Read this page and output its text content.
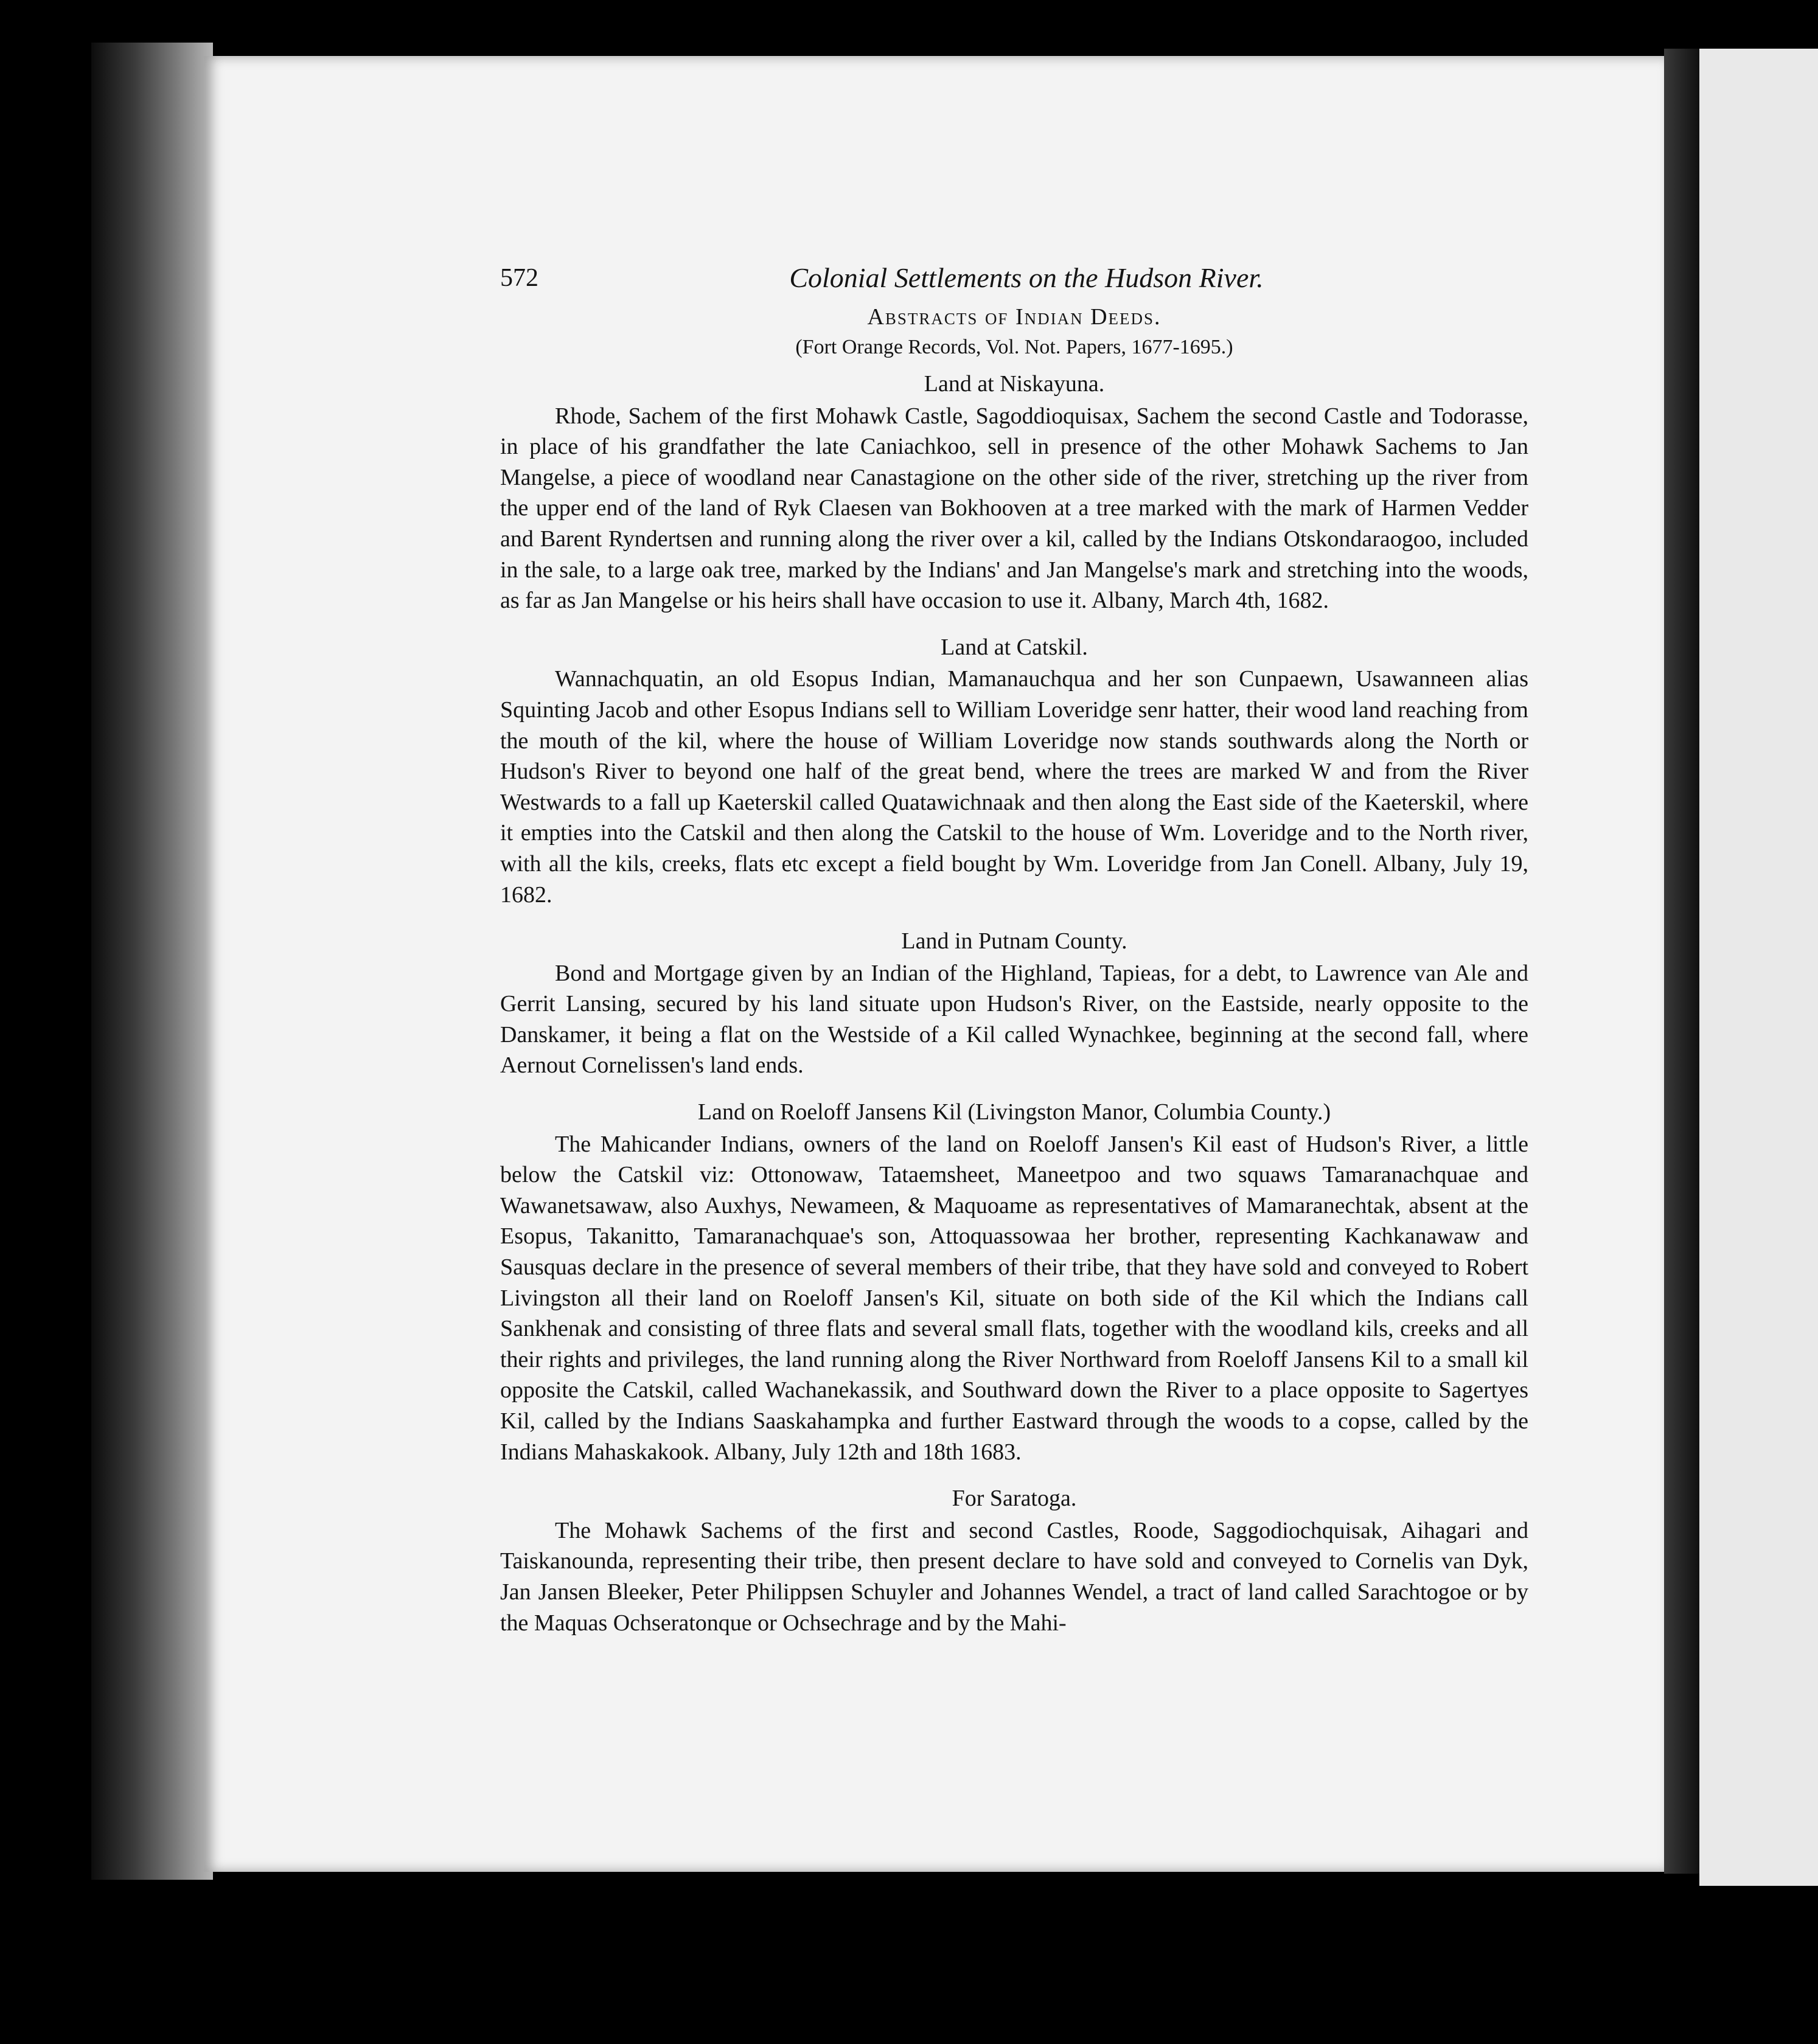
572	Colonial Settlements on the Hudson River.
Abstracts of Indian Deeds.
(Fort Orange Records, Vol. Not. Papers, 1677-1695.)
Land at Niskayuna.

Rhode, Sachem of the first Mohawk Castle, Sagoddioquisax, Sachem the second Castle and Todorasse, in place of his grandfather the late Caniachkoo, sell in presence of the other Mohawk Sachems to Jan Mangelse, a piece of woodland near Canastagione on the other side of the river, stretching up the river from the upper end of the land of Ryk Claesen van Bokhooven at a tree marked with the mark of Harmen Vedder and Barent Ryndertsen and running along the river over a kil, called by the Indians Otskondaraogoo, included in the sale, to a large oak tree, marked by the Indians' and Jan Mangelse's mark and stretching into the woods, as far as Jan Mangelse or his heirs shall have occasion to use it. Albany, March 4th, 1682.

Land at Catskil.

Wannachquatin, an old Esopus Indian, Mamanauchqua and her son Cunpaewn, Usawanneen alias Squinting Jacob and other Esopus Indians sell to William Loveridge senr hatter, their wood land reaching from the mouth of the kil, where the house of William Loveridge now stands southwards along the North or Hudson's River to beyond one half of the great bend, where the trees are marked W and from the River Westwards to a fall up Kaeterskil called Quatawichnaak and then along the East side of the Kaeterskil, where it empties into the Catskil and then along the Catskil to the house of Wm. Loveridge and to the North river, with all the kils, creeks, flats etc except a field bought by Wm. Loveridge from Jan Conell. Albany, July 19, 1682.

Land in Putnam County.

Bond and Mortgage given by an Indian of the Highland, Tapieas, for a debt, to Lawrence van Ale and Gerrit Lansing, secured by his land situate upon Hudson's River, on the Eastside, nearly opposite to the Danskamer, it being a flat on the Westside of a Kil called Wynachkee, beginning at the second fall, where Aernout Cornelissen's land ends.

Land on Roeloff Jansens Kil (Livingston Manor, Columbia County.)

The Mahicander Indians, owners of the land on Roeloff Jansen's Kil east of Hudson's River, a little below the Catskil viz: Ottonowaw, Tataemsheet, Maneetpoo and two squaws Tamaranachquae and Wawanetsawaw, also Auxhys, Newameen, & Maquoame as representatives of Mamaranechtak, absent at the Esopus, Takanitto, Tamaranachquae's son, Attoquassowaa her brother, representing Kachkanawaw and Sausquas declare in the presence of several members of their tribe, that they have sold and conveyed to Robert Livingston all their land on Roeloff Jansen's Kil, situate on both side of the Kil which the Indians call Sankhenak and consisting of three flats and several small flats, together with the woodland kils, creeks and all their rights and privileges, the land running along the River Northward from Roeloff Jansens Kil to a small kil opposite the Catskil, called Wachanekassik, and Southward down the River to a place opposite to Sagertyes Kil, called by the Indians Saaskahampka and further Eastward through the woods to a copse, called by the Indians Mahaskakook. Albany, July 12th and 18th 1683.

For Saratoga.

The Mohawk Sachems of the first and second Castles, Roode, Saggodiochquisak, Aihagari and Taiskanounda, representing their tribe, then present declare to have sold and conveyed to Cornelis van Dyk, Jan Jansen Bleeker, Peter Philippsen Schuyler and Johannes Wendel, a tract of land called Sarachtogoe or by the Maquas Ochseratonque or Ochsechrage and by the Mahi-
